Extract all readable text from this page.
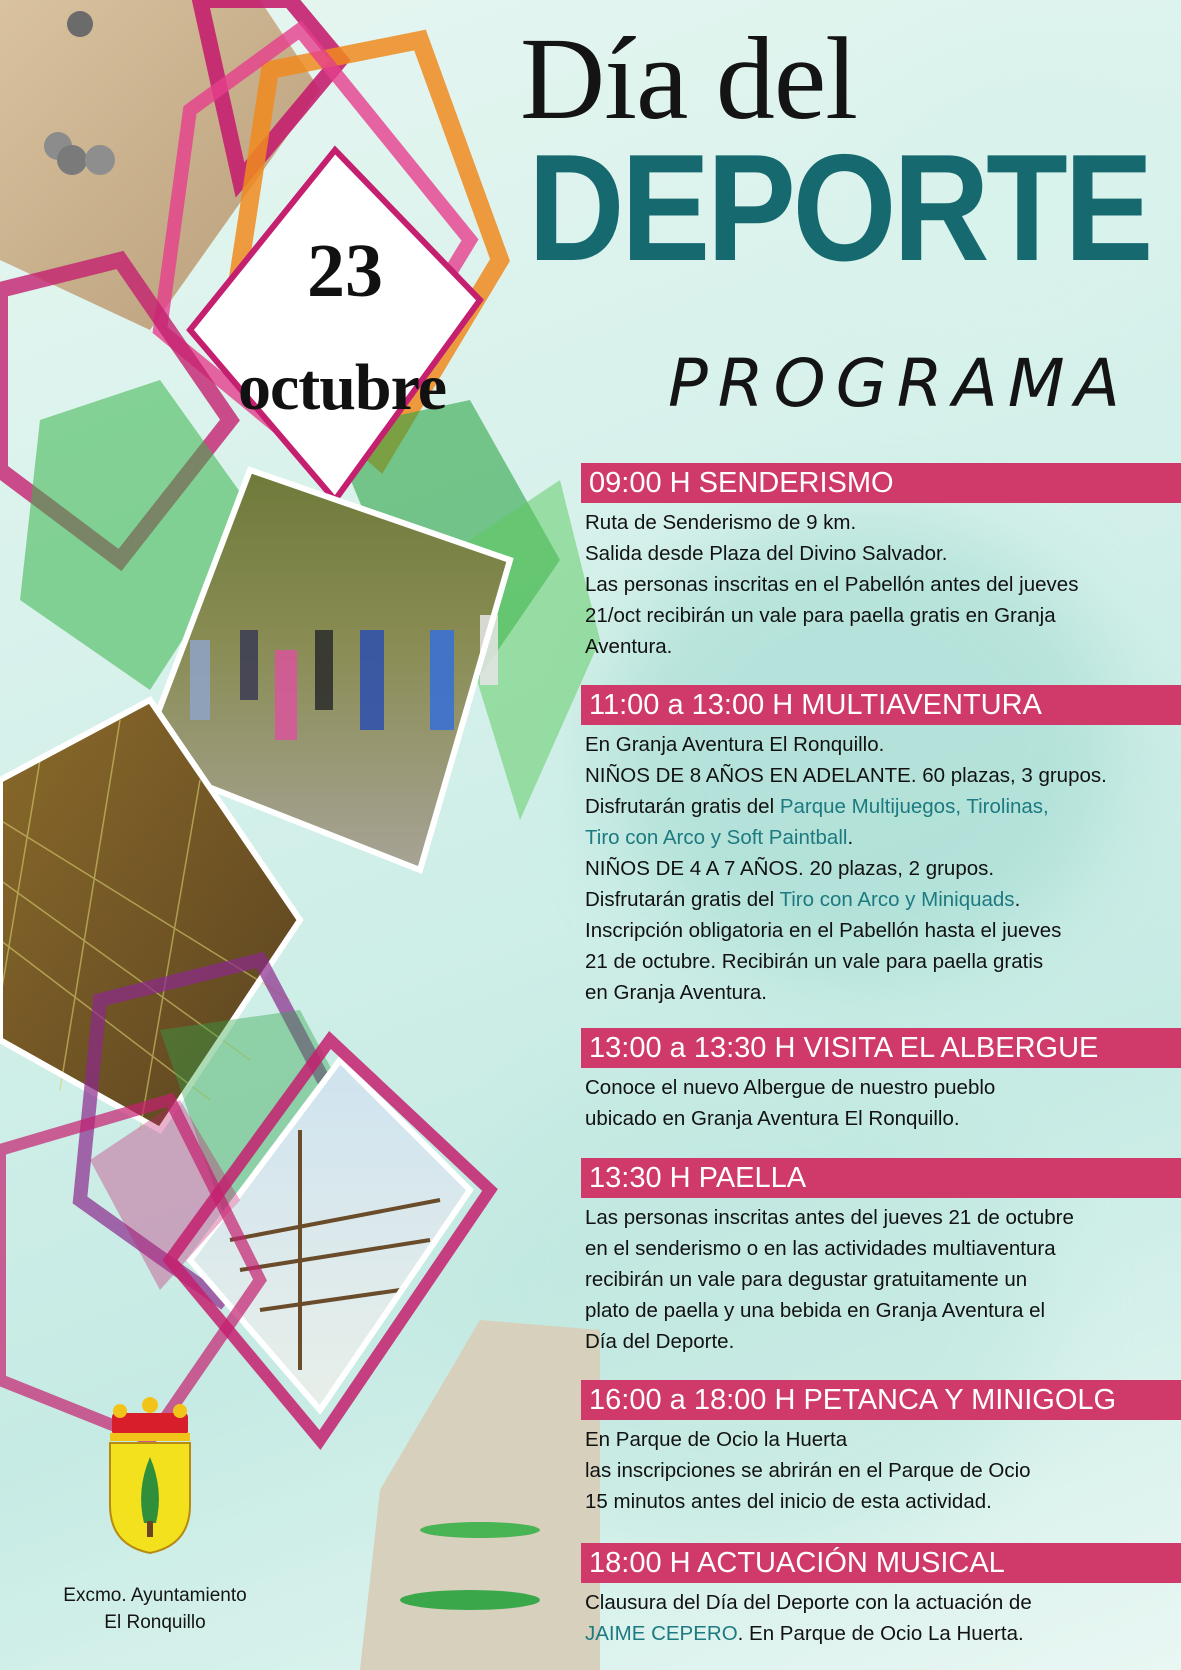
Día del
DEPORTE
PROGRAMA
23
octubre
09:00 H SENDERISMO
Ruta de Senderismo de 9 km.
Salida desde Plaza del Divino Salvador.
Las personas inscritas en el Pabellón antes del jueves
21/oct recibirán un vale para paella gratis en Granja
Aventura.
11:00 a 13:00 H MULTIAVENTURA
En Granja Aventura El Ronquillo.
NIÑOS DE 8 AÑOS EN ADELANTE. 60 plazas, 3 grupos.
Disfrutarán gratis del Parque Multijuegos, Tirolinas,
Tiro con Arco y Soft Paintball.
NIÑOS DE 4 A 7 AÑOS. 20 plazas, 2 grupos.
Disfrutarán gratis del Tiro con Arco y Miniquads.
Inscripción obligatoria en el Pabellón hasta el jueves
21 de octubre. Recibirán un vale para paella gratis
en Granja Aventura.
13:00 a 13:30 H VISITA EL ALBERGUE
Conoce el nuevo Albergue de nuestro pueblo
ubicado en Granja Aventura El Ronquillo.
13:30 H PAELLA
Las personas inscritas antes del jueves 21 de octubre
en el senderismo o en las actividades multiaventura
recibirán un vale para degustar gratuitamente un
plato de paella y una bebida en Granja Aventura el
Día del Deporte.
16:00 a 18:00 H PETANCA Y MINIGOLG
En Parque de Ocio la Huerta
las inscripciones se abrirán en el Parque de Ocio
15 minutos antes del inicio de esta actividad.
18:00 H ACTUACIÓN MUSICAL
Clausura del Día del Deporte con la actuación de
JAIME CEPERO. En Parque de Ocio La Huerta.
Excmo. Ayuntamiento
El Ronquillo
